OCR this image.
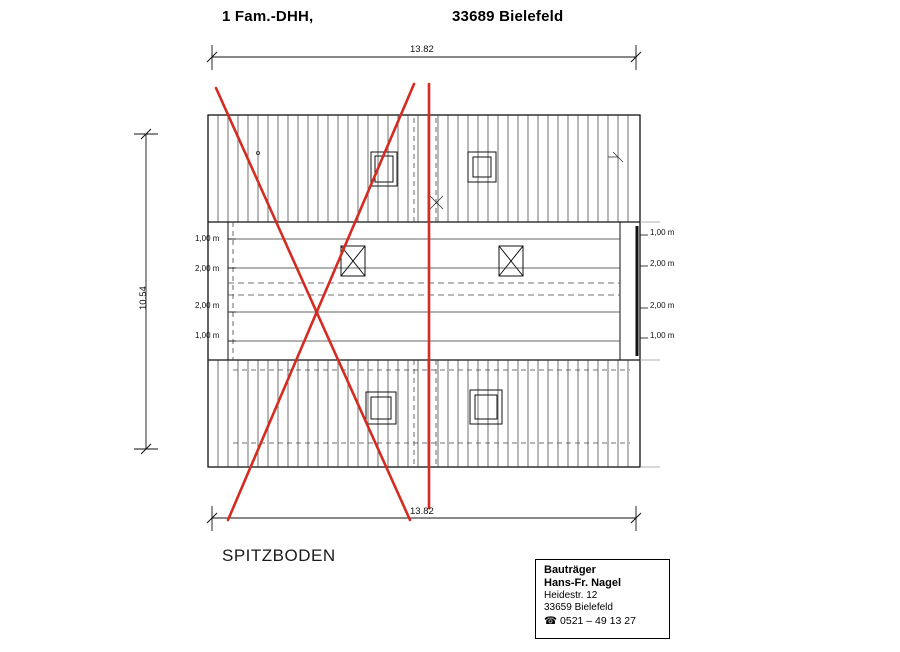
1 Fam.-DHH,	33689 Bielefeld
13.82
13.82
10.54
1,00 m
2,00 m
2,00 m
1,00 m
1,00 m
2,00 m
2,00 m
1,00 m
SPITZBODEN
Bauträger
Hans-Fr. Nagel
Heidestr. 12
33659 Bielefeld
☎ 0521 – 49 13 27
